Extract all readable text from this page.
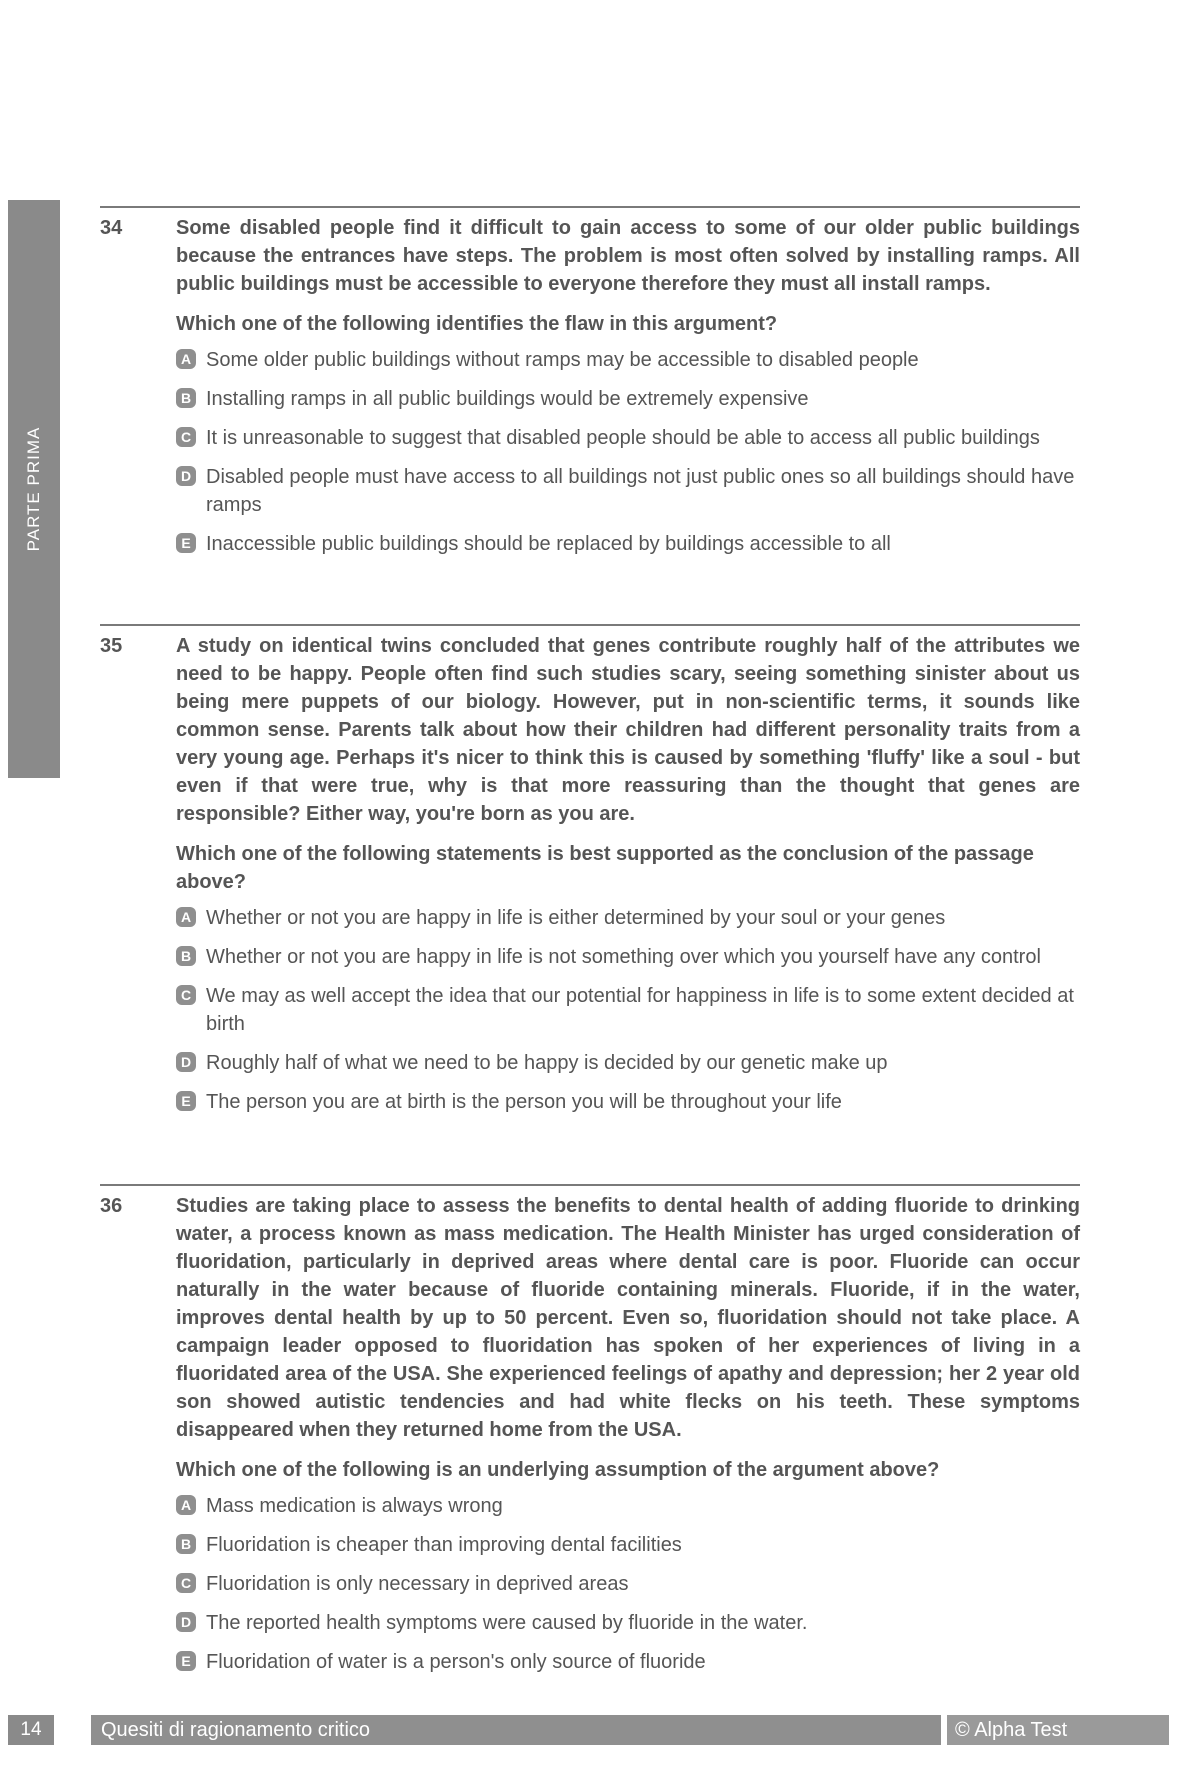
PARTE PRIMA
34	Some disabled people find it difficult to gain access to some of our older public buildings because the entrances have steps. The problem is most often solved by installing ramps. All public buildings must be accessible to everyone therefore they must all install ramps.

Which one of the following identifies the flaw in this argument?

A Some older public buildings without ramps may be accessible to disabled people
B Installing ramps in all public buildings would be extremely expensive
C It is unreasonable to suggest that disabled people should be able to access all public buildings
D Disabled people must have access to all buildings not just public ones so all buildings should have ramps
E Inaccessible public buildings should be replaced by buildings accessible to all
35	A study on identical twins concluded that genes contribute roughly half of the attributes we need to be happy. People often find such studies scary, seeing something sinister about us being mere puppets of our biology. However, put in non-scientific terms, it sounds like common sense. Parents talk about how their children had different personality traits from a very young age. Perhaps it's nicer to think this is caused by something 'fluffy' like a soul - but even if that were true, why is that more reassuring than the thought that genes are responsible? Either way, you're born as you are.

Which one of the following statements is best supported as the conclusion of the passage above?

A Whether or not you are happy in life is either determined by your soul or your genes
B Whether or not you are happy in life is not something over which you yourself have any control
C We may as well accept the idea that our potential for happiness in life is to some extent decided at birth
D Roughly half of what we need to be happy is decided by our genetic make up
E The person you are at birth is the person you will be throughout your life
36	Studies are taking place to assess the benefits to dental health of adding fluoride to drinking water, a process known as mass medication. The Health Minister has urged consideration of fluoridation, particularly in deprived areas where dental care is poor. Fluoride can occur naturally in the water because of fluoride containing minerals. Fluoride, if in the water, improves dental health by up to 50 percent. Even so, fluoridation should not take place. A campaign leader opposed to fluoridation has spoken of her experiences of living in a fluoridated area of the USA. She experienced feelings of apathy and depression; her 2 year old son showed autistic tendencies and had white flecks on his teeth. These symptoms disappeared when they returned home from the USA.

Which one of the following is an underlying assumption of the argument above?

A Mass medication is always wrong
B Fluoridation is cheaper than improving dental facilities
C Fluoridation is only necessary in deprived areas
D The reported health symptoms were caused by fluoride in the water.
E Fluoridation of water is a person's only source of fluoride
14	Quesiti di ragionamento critico	© Alpha Test
